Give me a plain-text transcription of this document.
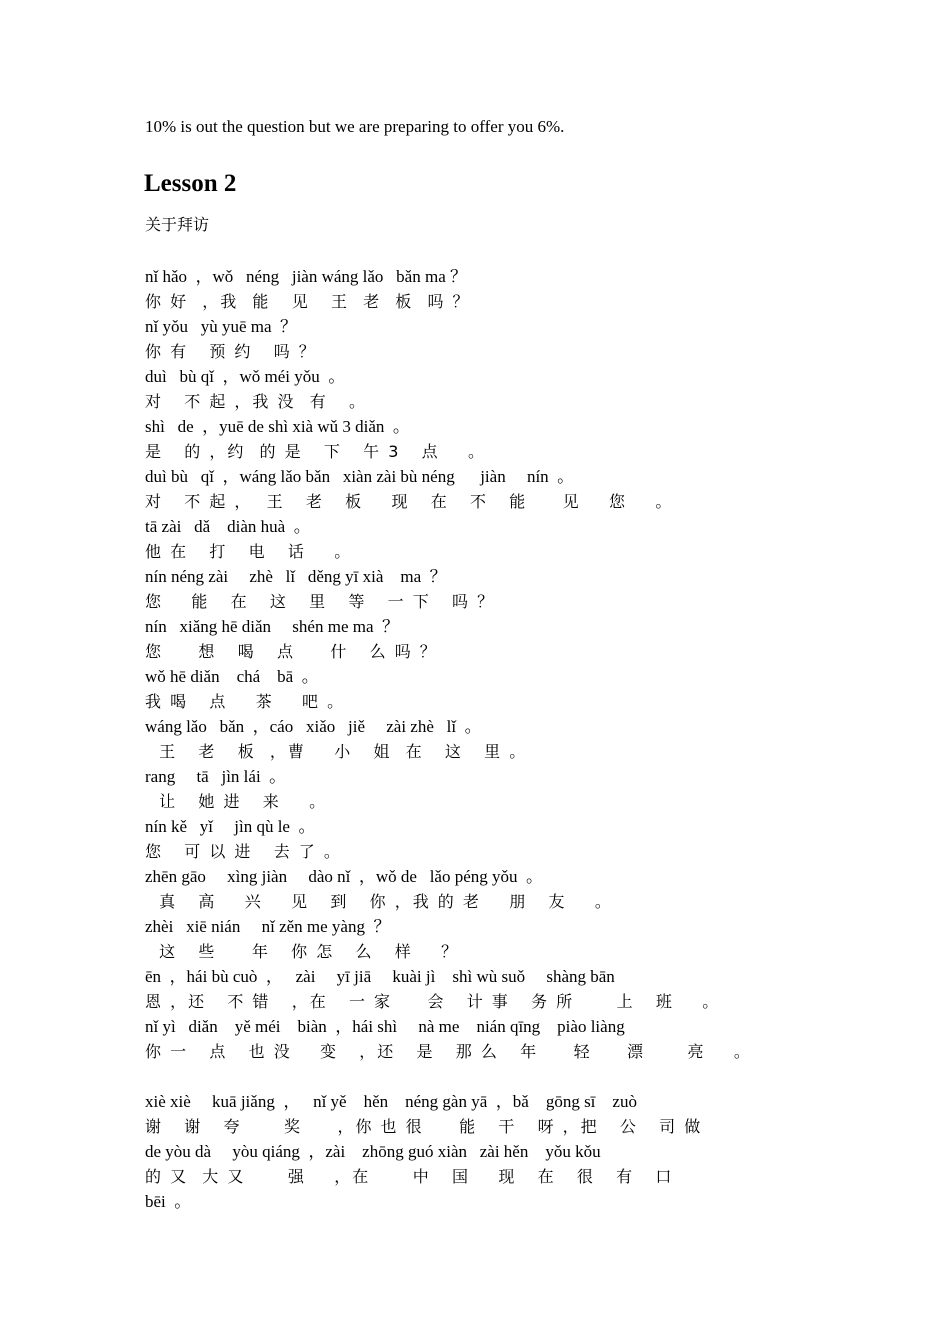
10% is out the question but we are preparing to offer you 6%.
Lesson 2
关于拜访
nǐ hǎo  ，wǒ   néng   jiàn wáng lǎo   bǎn ma ？
你 好  ，我  能   见   王  老  板  吗 ？
nǐ yǒu   yù yuē ma  ？
你 有   预 约   吗 ？
duì   bù qǐ  ，wǒ méi yǒu  。
对   不 起 ，我 没  有   。
shì   de  ，yuē de shì xià wǔ 3 diǎn  。
是   的 ，约  的 是   下   午 3   点    。
duì bù   qǐ  ，wáng lǎo bǎn   xiàn zài bù néng      jiàn     nín  。
对   不 起 ，  王   老   板    现   在   不   能     见    您    。
tā zài   dǎ    diàn huà  。
他 在   打   电   话    。
nín néng zài     zhè   lǐ   děng yī xià    ma  ？
您    能   在   这   里   等   一 下   吗 ？
nín   xiǎng hē diǎn     shén me ma  ？
您     想   喝   点     什   么 吗 ？
wǒ hē diǎn    chá    bā  。
我 喝   点    茶    吧 。
wáng lǎo   bǎn  ，cáo   xiǎo   jiě     zài zhè   lǐ  。
王   老   板  ，曹    小   姐  在   这   里 。
rang     tā   jìn lái  。
让   她 进   来    。
nín kě   yǐ     jìn qù le  。
您   可 以 进   去 了 。
zhēn gāo     xìng jiàn     dào nǐ  ，wǒ de   lǎo péng yǒu  。
真   高    兴    见   到   你 ，我 的 老    朋   友    。
zhèi   xiē nián     nǐ zěn me yàng  ？
这   些     年   你 怎   么   样    ？
ēn  ，hái bù cuò  ，   zài     yī jiā     kuài jì    shì wù suǒ     shàng bān
恩 ，还   不 错   ，在   一 家     会   计 事   务 所      上   班    。
nǐ yì   diǎn    yě méi    biàn  ，hái shì     nà me    nián qīng    piào liàng
你 一   点   也 没    变   ，还   是   那 么   年     轻     漂      亮    。
xiè xiè     kuā jiǎng  ，   nǐ yě    hěn    néng gàn yā  ，bǎ    gōng sī    zuò
谢   谢   夸      奖     ，你 也 很     能   干   呀 ，把   公   司 做
de yòu dà     yòu qiáng  ，zài    zhōng guó xiàn   zài hěn    yǒu kǒu
的 又  大 又      强    ，在      中   国    现   在   很   有   口
bēi  。
